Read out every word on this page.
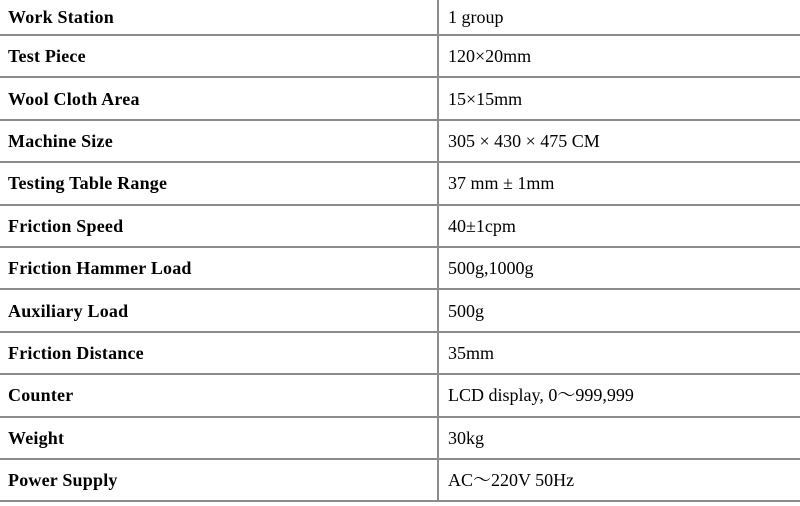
Work Station	1 group
Test Piece	120×20mm
Wool Cloth Area	15×15mm
Machine Size	305 × 430 × 475 CM
Testing Table Range	37 mm ± 1mm
Friction Speed	40±1cpm
Friction Hammer Load	500g,1000g
Auxiliary Load	500g
Friction Distance	35mm
Counter	LCD display, 0～999,999
Weight	30kg
Power Supply	AC～220V 50Hz
